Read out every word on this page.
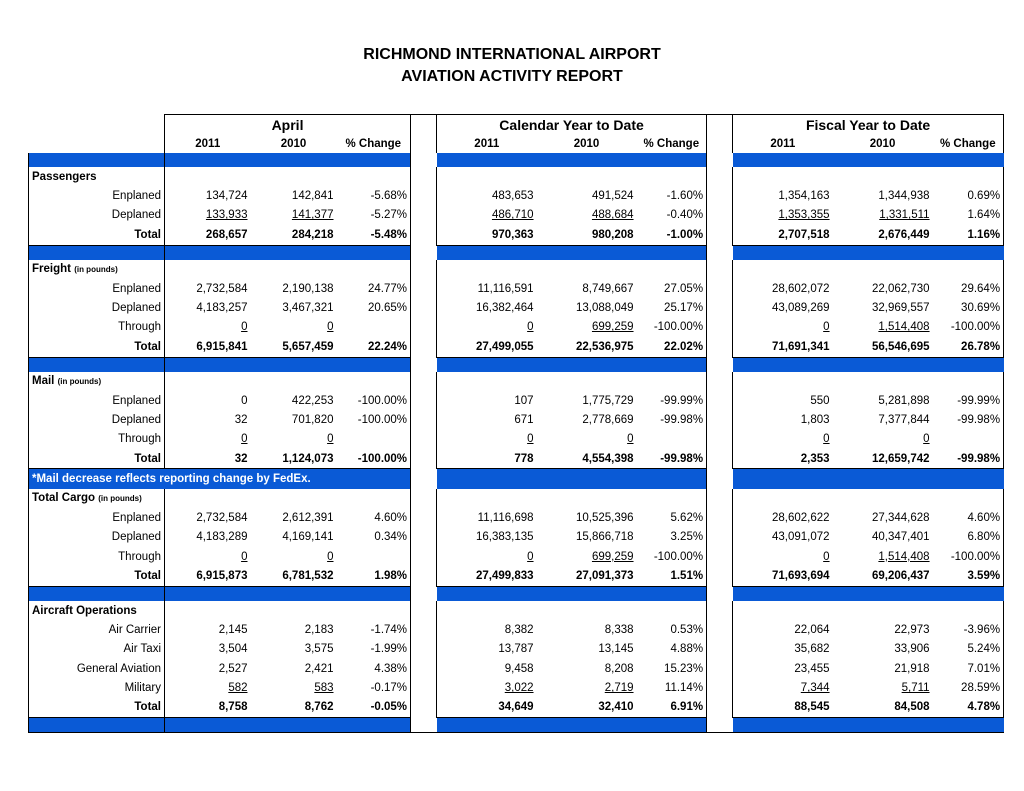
RICHMOND INTERNATIONAL AIRPORT
AVIATION ACTIVITY REPORT
	April				Calendar Year to Date				Fiscal Year to Date		
	2011	2010	% Change		2011	2010	% Change		2011	2010	% Change

Passengers											
Enplaned	134,724	142,841	-5.68%		483,653	491,524	-1.60%		1,354,163	1,344,938	0.69%
Deplaned	133,933	141,377	-5.27%		486,710	488,684	-0.40%		1,353,355	1,331,511	1.64%
Total	268,657	284,218	-5.48%		970,363	980,208	-1.00%		2,707,518	2,676,449	1.16%

Freight (in pounds)											
Enplaned	2,732,584	2,190,138	24.77%		11,116,591	8,749,667	27.05%		28,602,072	22,062,730	29.64%
Deplaned	4,183,257	3,467,321	20.65%		16,382,464	13,088,049	25.17%		43,089,269	32,969,557	30.69%
Through	0	0			0	699,259	-100.00%		0	1,514,408	-100.00%
Total	6,915,841	5,657,459	22.24%		27,499,055	22,536,975	22.02%		71,691,341	56,546,695	26.78%

Mail (in pounds)											
Enplaned	0	422,253	-100.00%		107	1,775,729	-99.99%		550	5,281,898	-99.99%
Deplaned	32	701,820	-100.00%		671	2,778,669	-99.98%		1,803	7,377,844	-99.98%
Through	0	0			0	0			0	0	
Total	32	1,124,073	-100.00%		778	4,554,398	-99.98%		2,353	12,659,742	-99.98%
*Mail decrease reflects reporting change by FedEx.											
Total Cargo (in pounds)											
Enplaned	2,732,584	2,612,391	4.60%		11,116,698	10,525,396	5.62%		28,602,622	27,344,628	4.60%
Deplaned	4,183,289	4,169,141	0.34%		16,383,135	15,866,718	3.25%		43,091,072	40,347,401	6.80%
Through	0	0			0	699,259	-100.00%		0	1,514,408	-100.00%
Total	6,915,873	6,781,532	1.98%		27,499,833	27,091,373	1.51%		71,693,694	69,206,437	3.59%

Aircraft Operations											
Air Carrier	2,145	2,183	-1.74%		8,382	8,338	0.53%		22,064	22,973	-3.96%
Air Taxi	3,504	3,575	-1.99%		13,787	13,145	4.88%		35,682	33,906	5.24%
General Aviation	2,527	2,421	4.38%		9,458	8,208	15.23%		23,455	21,918	7.01%
Military	582	583	-0.17%		3,022	2,719	11.14%		7,344	5,711	28.59%
Total	8,758	8,762	-0.05%		34,649	32,410	6.91%		88,545	84,508	4.78%
